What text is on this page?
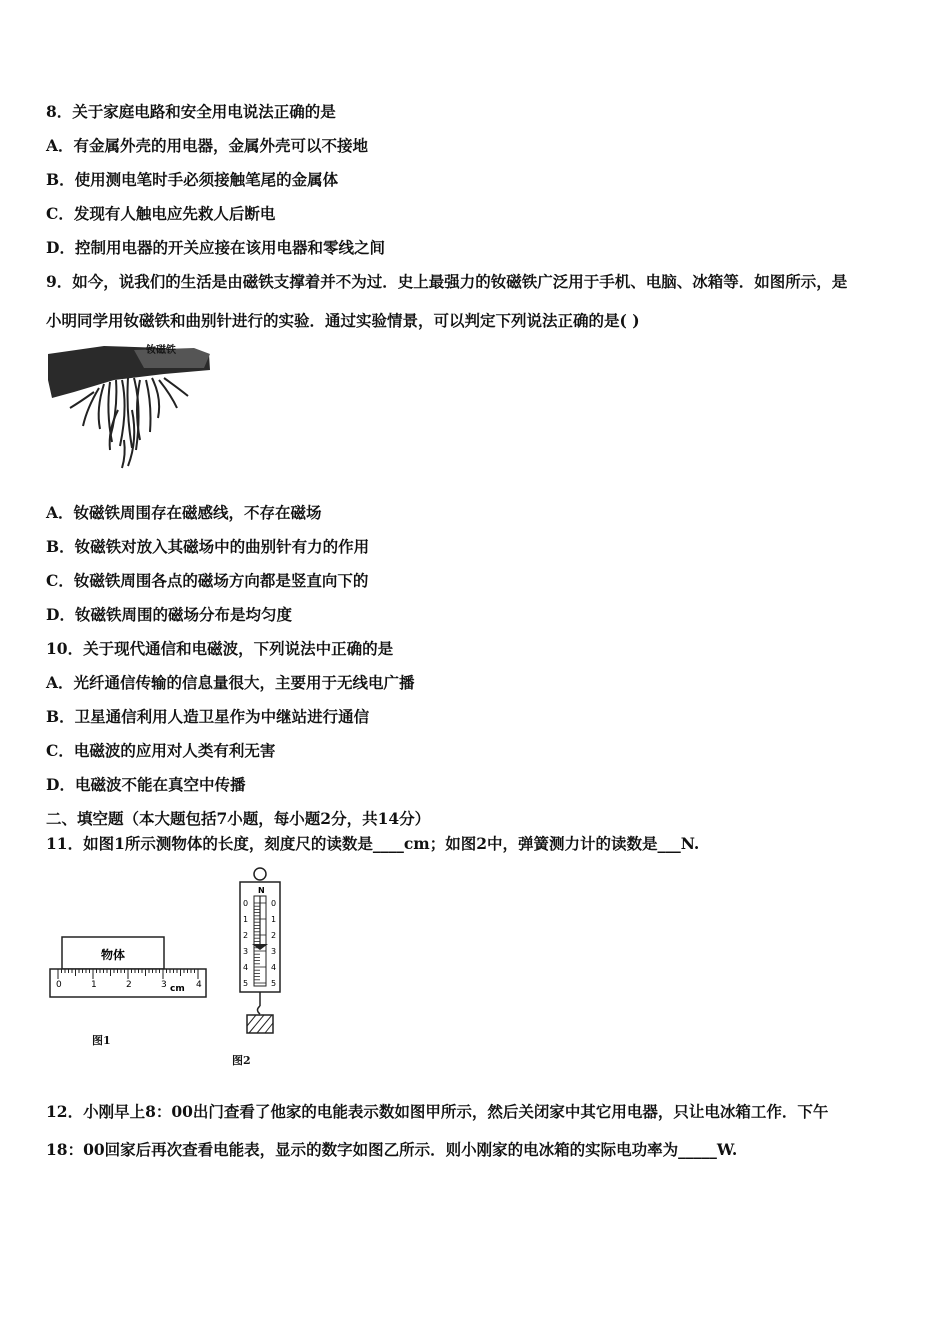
8．关于家庭电路和安全用电说法正确的是
A．有金属外壳的用电器，金属外壳可以不接地
B．使用测电笔时手必须接触笔尾的金属体
C．发现有人触电应先救人后断电
D．控制用电器的开关应接在该用电器和零线之间
9．如今，说我们的生活是由磁铁支撑着并不为过．史上最强力的钕磁铁广泛用于手机、电脑、冰箱等．如图所示，是
小明同学用钕磁铁和曲别针进行的实验．通过实验情景，可以判定下列说法正确的是( )
钕磁铁
A．钕磁铁周围存在磁感线，不存在磁场
B．钕磁铁对放入其磁场中的曲别针有力的作用
C．钕磁铁周围各点的磁场方向都是竖直向下的
D．钕磁铁周围的磁场分布是均匀度
10．关于现代通信和电磁波，下列说法中正确的是
A．光纤通信传输的信息量很大，主要用于无线电广播
B．卫星通信利用人造卫星作为中继站进行通信
C．电磁波的应用对人类有利无害
D．电磁波不能在真空中传播
二、填空题（本大题包括7小题，每小题2分，共14分）
11．如图1所示测物体的长度，刻度尺的读数是____cm；如图2中，弹簧测力计的读数是___N.
物体
0	1	2	3	4
cm
图1
N
0
1
2
3
4
5
0
1
2
3
4
5
图2
12．小刚早上8：00出门查看了他家的电能表示数如图甲所示，然后关闭家中其它用电器，只让电冰箱工作．下午
18：00回家后再次查看电能表，显示的数字如图乙所示．则小刚家的电冰箱的实际电功率为_____W.
